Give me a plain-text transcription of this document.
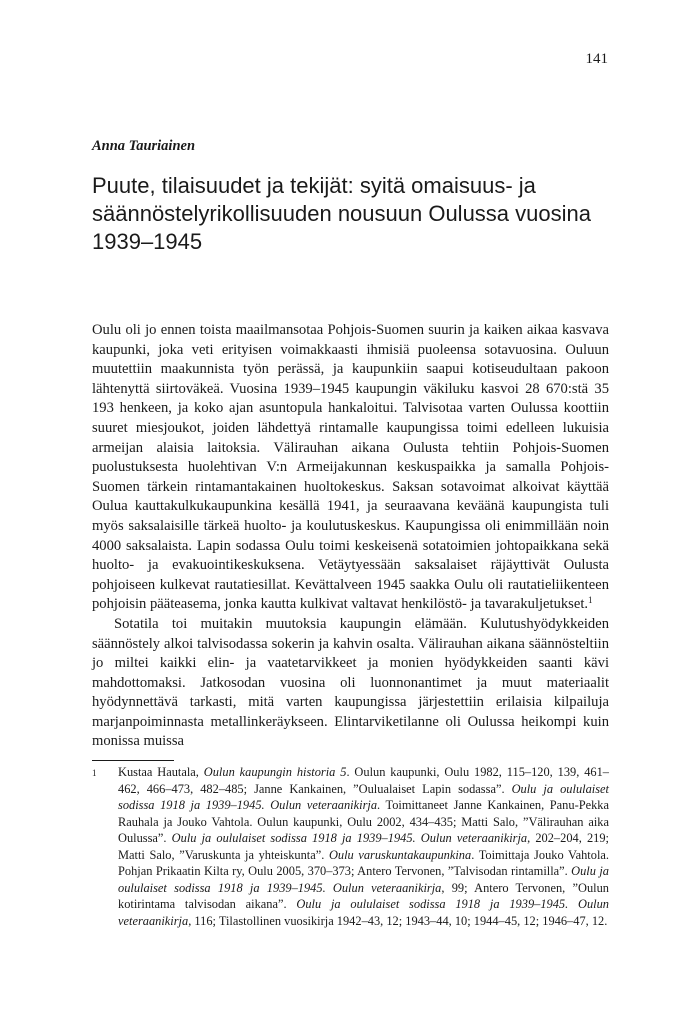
141
Anna Tauriainen
Puute, tilaisuudet ja tekijät: syitä omaisuus- ja säännöstelyrikollisuuden nousuun Oulussa vuosina 1939–1945

Oulu oli jo ennen toista maailmansotaa Pohjois-Suomen suurin ja kaiken aikaa kasvava kaupunki, joka veti erityisen voimakkaasti ihmisiä puoleensa sotavuosina. Ouluun muutettiin maakunnista työn perässä, ja kaupunkiin saapui kotiseudultaan pakoon lähtenyttä siirtoväkeä. Vuosina 1939–1945 kaupungin väkiluku kasvoi 28 670:stä 35 193 henkeen, ja koko ajan asuntopula hankaloitui. Talvisotaa varten Oulussa koottiin suuret miesjoukot, joiden lähdettyä rintamalle kaupungissa toimi edelleen lukuisia armeijan alaisia laitoksia. Välirauhan aikana Oulusta tehtiin Pohjois-Suomen puolustuksesta huolehtivan V:n Armeijakunnan keskuspaikka ja samalla Pohjois-Suomen tärkein rintamantakainen huoltokeskus. Saksan sotavoimat alkoivat käyttää Oulua kauttakulkukaupunkina kesällä 1941, ja seuraavana keväänä kaupungista tuli myös saksalaisille tärkeä huolto- ja koulutuskeskus. Kaupungissa oli enimmillään noin 4000 saksalaista. Lapin sodassa Oulu toimi keskeisenä sotatoimien johtopaikkana sekä huolto- ja evakuointikeskuksena. Vetäytyessään saksalaiset räjäyttivät Oulusta pohjoiseen kulkevat rautatiesillat. Kevättalveen 1945 saakka Oulu oli rautatieliikenteen pohjoisin pääteasema, jonka kautta kulkivat valtavat henkilöstö- ja tavarakuljetukset.$^1$

Sotatila toi muitakin muutoksia kaupungin elämään. Kulutushyödykkeiden säännöstely alkoi talvisodassa sokerin ja kahvin osalta. Välirauhan aikana säännösteltiin jo miltei kaikki elin- ja vaatetarvikkeet ja monien hyödykkeiden saanti kävi mahdottomaksi. Jatkosodan vuosina oli luonnonantimet ja muut materiaalit hyödynnettävä tarkasti, mitä varten kaupungissa järjestettiin erilaisia kilpailuja marjanpoiminnasta metallinkeräykseen. Elintarviketilanne oli Oulussa heikompi kuin monissa muissa

1 Kustaa Hautala, Oulun kaupungin historia 5. Oulun kaupunki, Oulu 1982, 115–120, 139, 461–462, 466–473, 482–485; Janne Kankainen, ”Oulualaiset Lapin sodassa”. Oulu ja oululaiset sodissa 1918 ja 1939–1945. Oulun veteraanikirja. Toimittaneet Janne Kankainen, Panu-Pekka Rauhala ja Jouko Vahtola. Oulun kaupunki, Oulu 2002, 434–435; Matti Salo, ”Välirauhan aika Oulussa”. Oulu ja oululaiset sodissa 1918 ja 1939–1945. Oulun veteraanikirja, 202–204, 219; Matti Salo, ”Varuskunta ja yhteiskunta”. Oulu varuskuntakaupunkina. Toimittaja Jouko Vahtola. Pohjan Prikaatin Kilta ry, Oulu 2005, 370–373; Antero Tervonen, ”Talvisodan rintamilla”. Oulu ja oululaiset sodissa 1918 ja 1939–1945. Oulun veteraanikirja, 99; Antero Tervonen, ”Oulun kotirintama talvisodan aikana”. Oulu ja oululaiset sodissa 1918 ja 1939–1945. Oulun veteraanikirja, 116; Tilastollinen vuosikirja 1942–43, 12; 1943–44, 10; 1944–45, 12; 1946–47, 12.
